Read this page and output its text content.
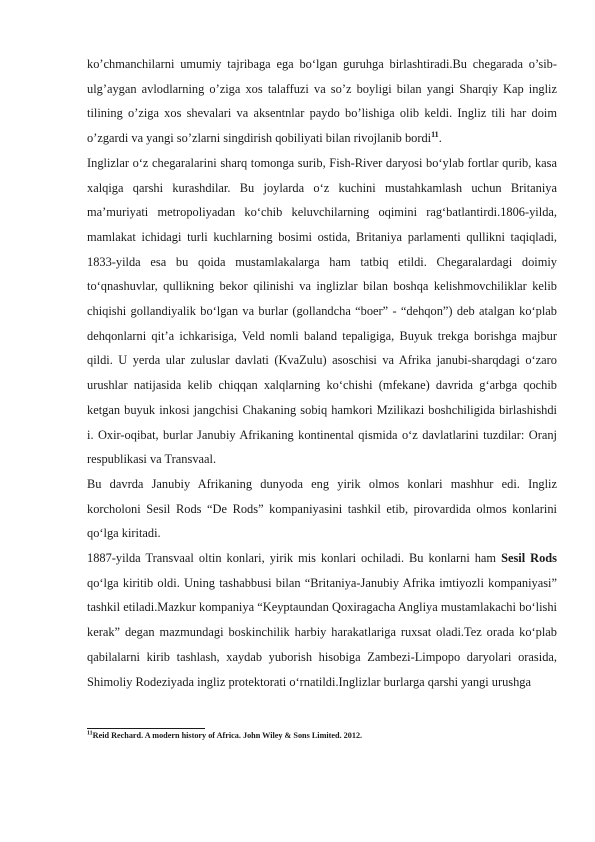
ko’chmanchilarni umumiy tajribaga ega bo‘lgan guruhga birlashtiradi.Bu chegarada o’sib-ulg’aygan avlodlarning o’ziga xos talaffuzi va so’z boyligi bilan yangi Sharqiy Kap ingliz tilining o’ziga xos shevalari va aksentnlar paydo bo’lishiga olib keldi. Ingliz tili har doim o’zgardi va yangi so’zlarni singdirish qobiliyati bilan rivojlanib bordi$^{11}$.

Inglizlar o‘z chegaralarini sharq tomonga surib, Fish-River daryosi bo‘ylab fortlar qurib, kasa xalqiga qarshi kurashdilar. Bu joylarda o‘z kuchini mustahkamlash uchun Britaniya ma’muriyati metropoliyadan ko‘chib keluvchilarning oqimini rag‘batlantirdi.1806-yilda, mamlakat ichidagi turli kuchlarning bosimi ostida, Britaniya parlamenti qullikni taqiqladi, 1833-yilda esa bu qoida mustamlakalarga ham tatbiq etildi. Chegaralardagi doimiy to‘qnashuvlar, qullikning bekor qilinishi va inglizlar bilan boshqa kelishmovchiliklar kelib chiqishi gollandiyalik bo‘lgan va burlar (gollandcha “boer” - “dehqon”) deb atalgan ko‘plab dehqonlarni qit’a ichkarisiga, Veld nomli baland tepaligiga, Buyuk trekga borishga majbur qildi. U yerda ular zuluslar davlati (KvaZulu) asoschisi va Afrika janubi-sharqdagi o‘zaro urushlar natijasida kelib chiqqan xalqlarning ko‘chishi (mfekane) davrida g‘arbga qochib ketgan buyuk inkosi jangchisi Chakaning sobiq hamkori Mzilikazi boshchiligida birlashishdi i. Oxir-oqibat, burlar Janubiy Afrikaning kontinental qismida o‘z davlatlarini tuzdilar: Oranj respublikasi va Transvaal.

Bu davrda Janubiy Afrikaning dunyoda eng yirik olmos konlari mashhur edi. Ingliz korcholoni Sesil Rods “De Rods” kompaniyasini tashkil etib, pirovardida olmos konlarini qo‘lga kiritadi.

1887-yilda Transvaal oltin konlari, yirik mis konlari ochiladi. Bu konlarni ham Sesil Rods qo‘lga kiritib oldi. Uning tashabbusi bilan “Britaniya-Janubiy Afrika imtiyozli kompaniyasi” tashkil etiladi.Mazkur kompaniya “Keyptaundan Qoxiragacha Angliya mustamlakachi bo‘lishi kerak” degan mazmundagi boskinchilik harbiy harakatlariga ruxsat oladi.Tez orada ko‘plab qabilalarni kirib tashlash, xaydab yuborish hisobiga Zambezi-Limpopo daryolari orasida, Shimoliy Rodeziyada ingliz protektorati o‘rnatildi.Inglizlar burlarga qarshi yangi urushga

$^{11}$Reid Rechard. A modern history of Africa. John Wiley & Sons Limited. 2012.
